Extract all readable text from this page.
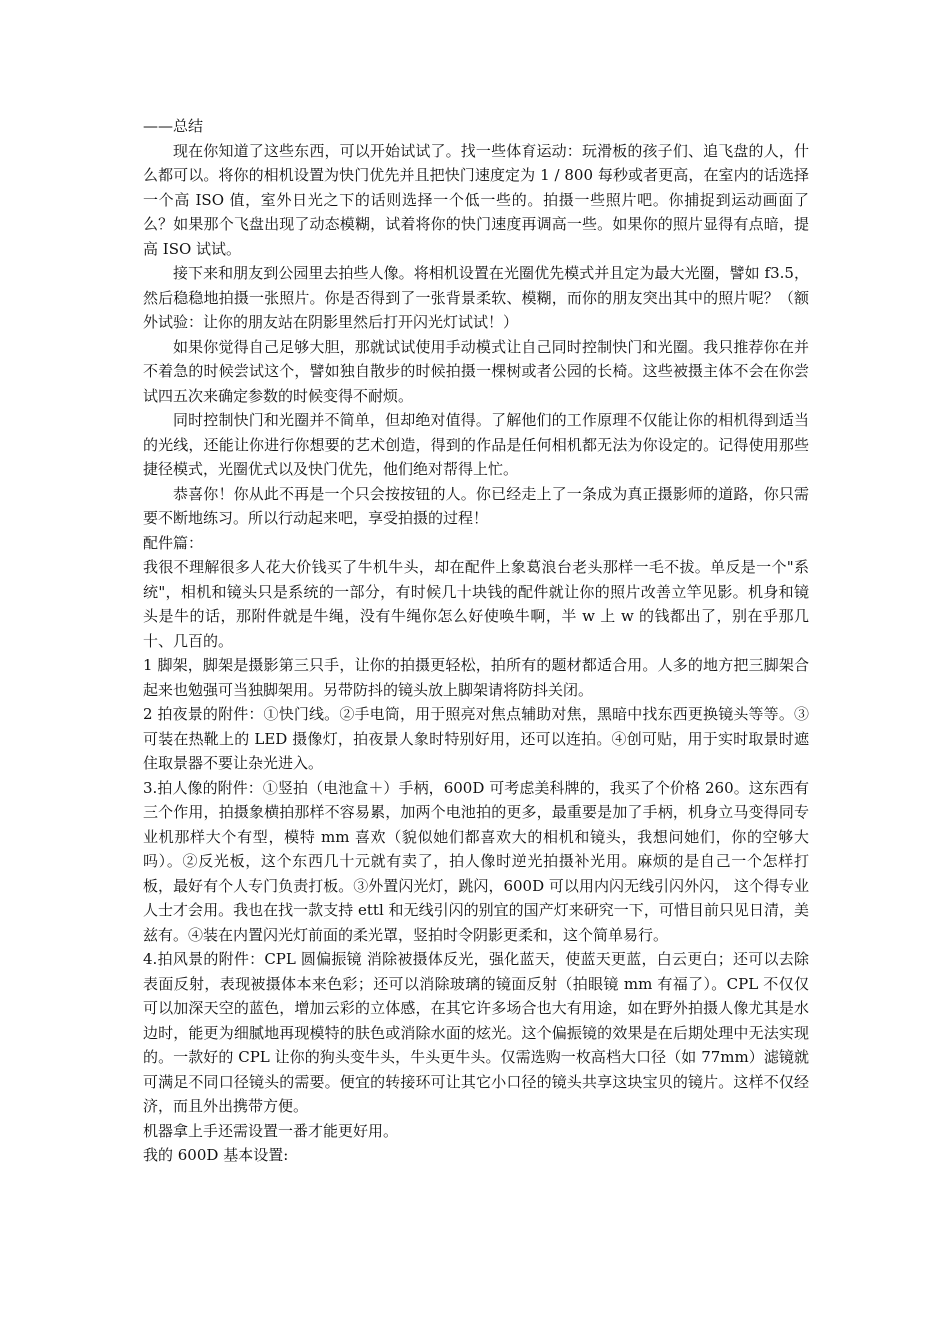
——总结

现在你知道了这些东西，可以开始试试了。找一些体育运动：玩滑板的孩子们、追飞盘的人，什么都可以。将你的相机设置为快门优先并且把快门速度定为 1 / 800 每秒或者更高，在室内的话选择一个高 ISO 值，室外日光之下的话则选择一个低一些的。拍摄一些照片吧。你捕捉到运动画面了么？如果那个飞盘出现了动态模糊，试着将你的快门速度再调高一些。如果你的照片显得有点暗，提高 ISO 试试。

接下来和朋友到公园里去拍些人像。将相机设置在光圈优先模式并且定为最大光圈，譬如 f3.5，然后稳稳地拍摄一张照片。你是否得到了一张背景柔软、模糊，而你的朋友突出其中的照片呢？（额外试验：让你的朋友站在阴影里然后打开闪光灯试试！）

如果你觉得自己足够大胆，那就试试使用手动模式让自己同时控制快门和光圈。我只推荐你在并不着急的时候尝试这个，譬如独自散步的时候拍摄一棵树或者公园的长椅。这些被摄主体不会在你尝试四五次来确定参数的时候变得不耐烦。

同时控制快门和光圈并不简单，但却绝对值得。了解他们的工作原理不仅能让你的相机得到适当的光线，还能让你进行你想要的艺术创造，得到的作品是任何相机都无法为你设定的。记得使用那些捷径模式，光圈优式以及快门优先，他们绝对帮得上忙。

恭喜你！你从此不再是一个只会按按钮的人。你已经走上了一条成为真正摄影师的道路，你只需要不断地练习。所以行动起来吧，享受拍摄的过程！

配件篇：

我很不理解很多人花大价钱买了牛机牛头，却在配件上象葛浪台老头那样一毛不拔。单反是一个"系统"，相机和镜头只是系统的一部分，有时候几十块钱的配件就让你的照片改善立竿见影。机身和镜头是牛的话，那附件就是牛绳，没有牛绳你怎么好使唤牛啊，半 w 上 w 的钱都出了，别在乎那几十、几百的。

1 脚架，脚架是摄影第三只手，让你的拍摄更轻松，拍所有的题材都适合用。人多的地方把三脚架合起来也勉强可当独脚架用。另带防抖的镜头放上脚架请将防抖关闭。

2 拍夜景的附件：①快门线。②手电筒，用于照亮对焦点辅助对焦，黑暗中找东西更换镜头等等。③可装在热靴上的 LED 摄像灯，拍夜景人象时特别好用，还可以连拍。④创可贴，用于实时取景时遮住取景器不要让杂光进入。

3.拍人像的附件：①竖拍（电池盒＋）手柄，600D 可考虑美科牌的，我买了个价格 260。这东西有三个作用，拍摄象横拍那样不容易累，加两个电池拍的更多，最重要是加了手柄，机身立马变得同专业机那样大个有型，模特 mm 喜欢（貌似她们都喜欢大的相机和镜头，我想问她们，你的空够大吗）。②反光板，这个东西几十元就有卖了，拍人像时逆光拍摄补光用。麻烦的是自己一个怎样打板，最好有个人专门负责打板。③外置闪光灯，跳闪，600D 可以用内闪无线引闪外闪， 这个得专业人士才会用。我也在找一款支持 ettl 和无线引闪的别宜的国产灯来研究一下，可惜目前只见日清，美兹有。④装在内置闪光灯前面的柔光罩，竖拍时令阴影更柔和，这个简单易行。

4.拍风景的附件：CPL 圆偏振镜 消除被摄体反光，强化蓝天，使蓝天更蓝，白云更白；还可以去除表面反射，表现被摄体本来色彩；还可以消除玻璃的镜面反射（拍眼镜 mm 有福了）。CPL 不仅仅可以加深天空的蓝色，增加云彩的立体感，在其它许多场合也大有用途，如在野外拍摄人像尤其是水边时，能更为细腻地再现模特的肤色或消除水面的炫光。这个偏振镜的效果是在后期处理中无法实现的。一款好的 CPL 让你的狗头变牛头，牛头更牛头。仅需选购一枚高档大口径（如 77mm）滤镜就可满足不同口径镜头的需要。便宜的转接环可让其它小口径的镜头共享这块宝贝的镜片。这样不仅经济，而且外出携带方便。

机器拿上手还需设置一番才能更好用。

我的 600D 基本设置:
